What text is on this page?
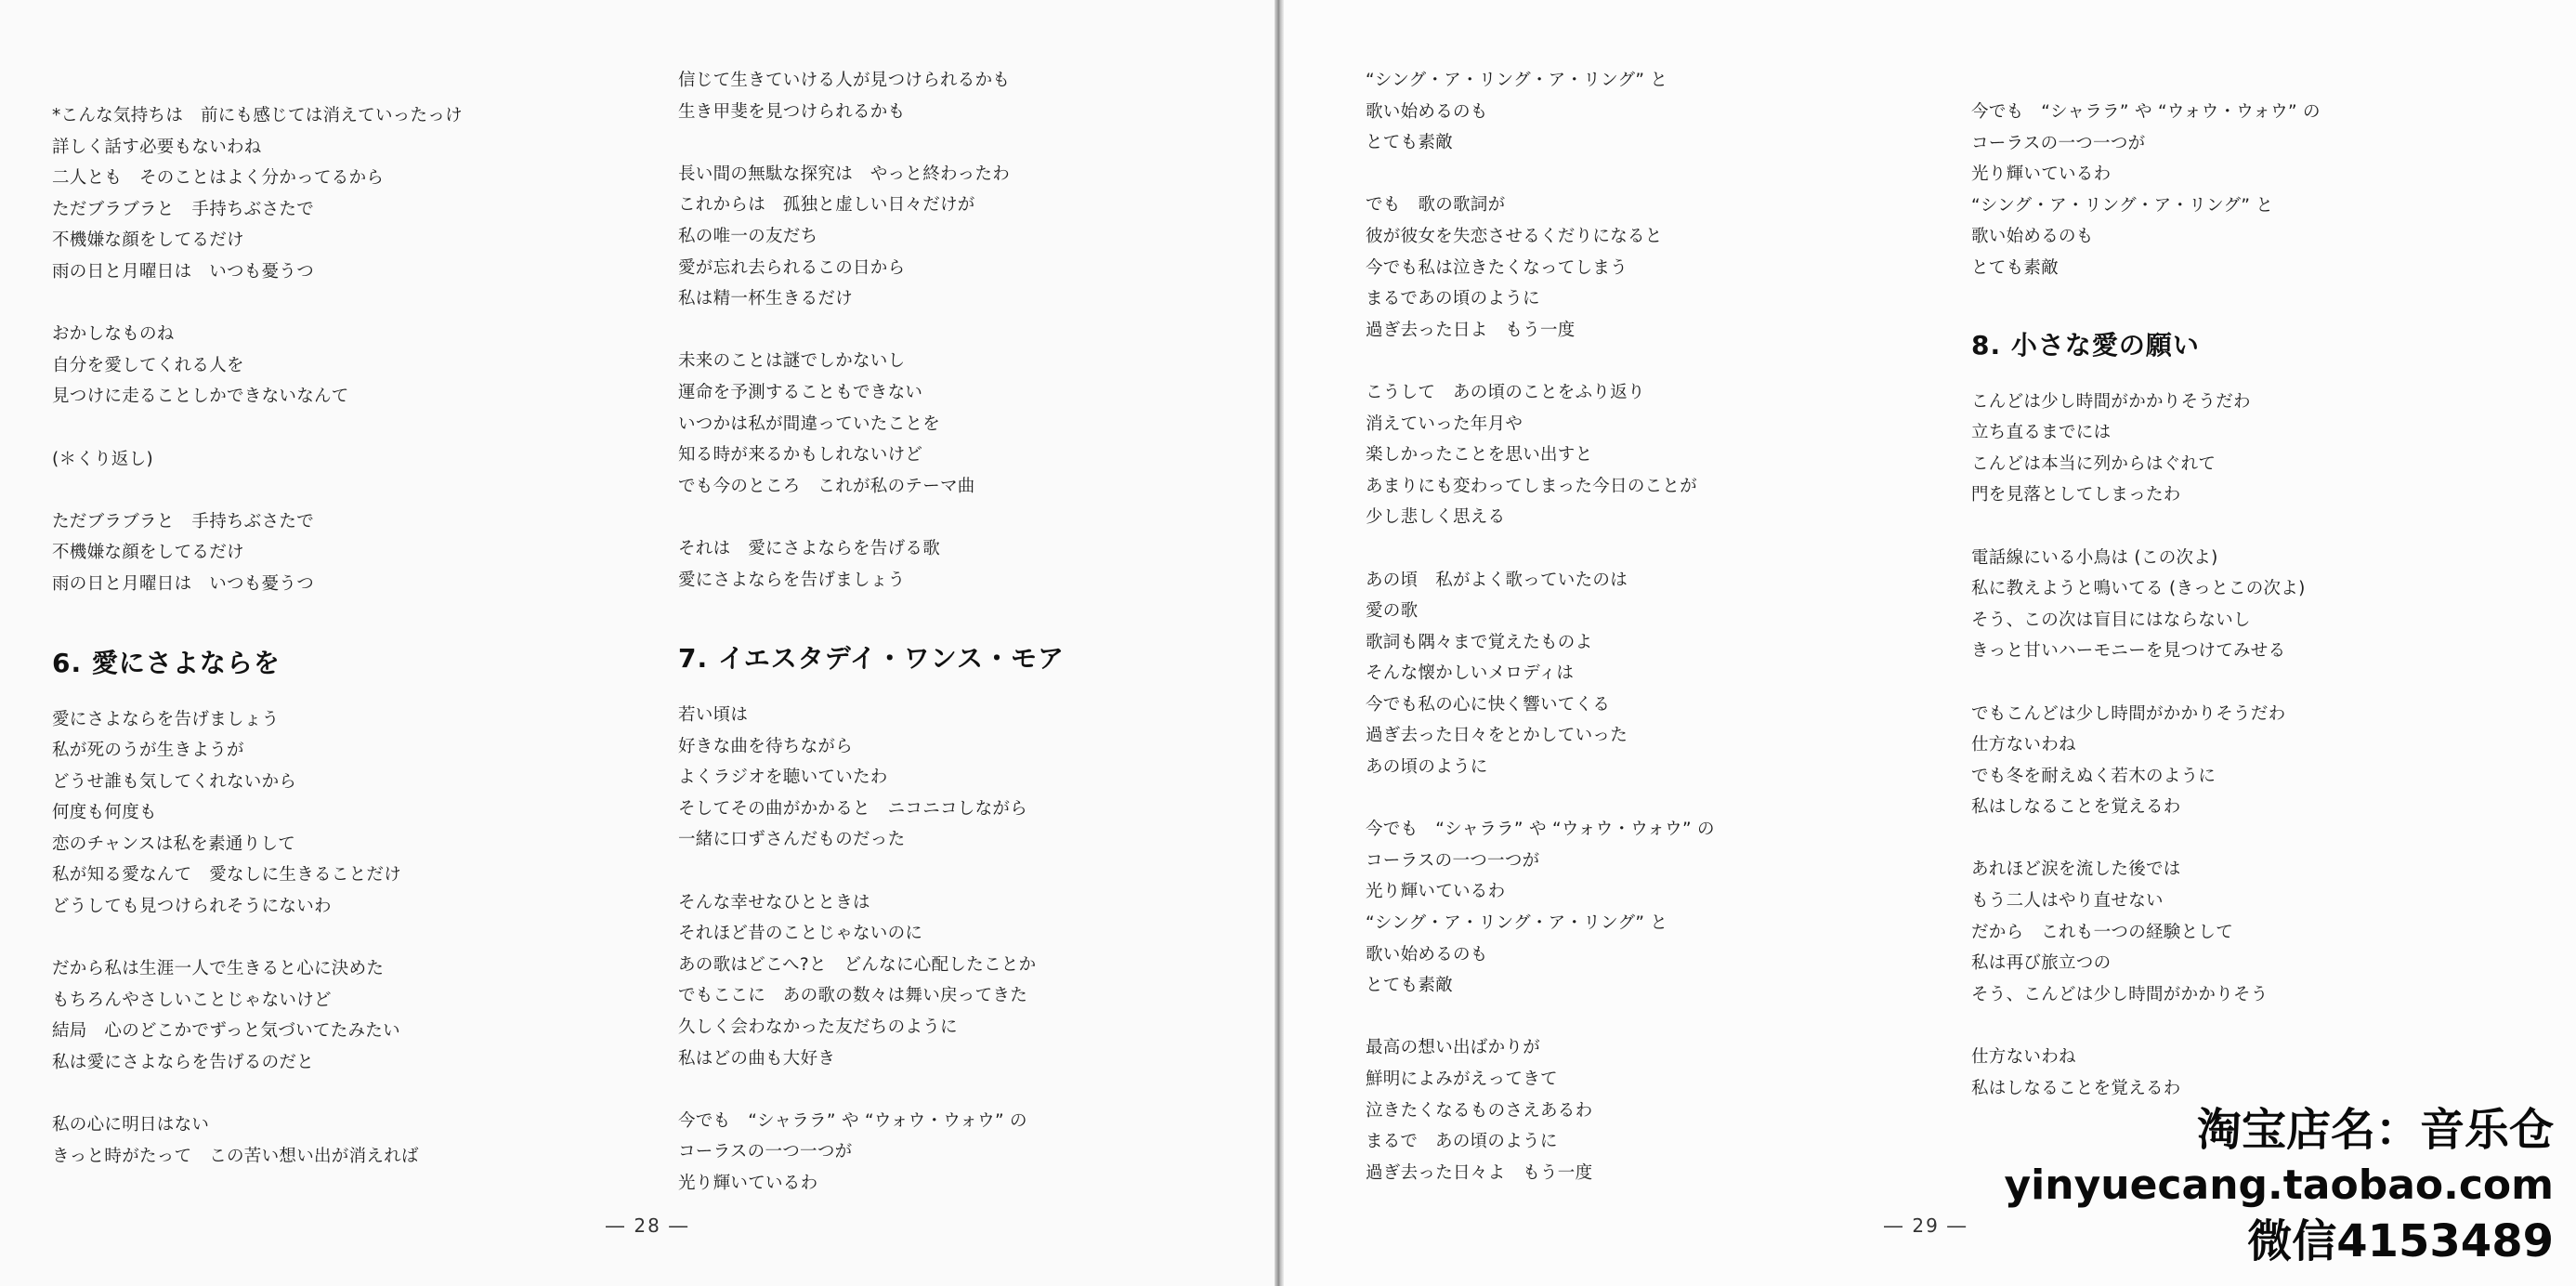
*こんな気持ちは　前にも感じては消えていったっけ
詳しく話す必要もないわね
二人とも　そのことはよく分かってるから
ただブラブラと　手持ちぶさたで
不機嫌な顔をしてるだけ
雨の日と月曜日は　いつも憂うつ
おかしなものね
自分を愛してくれる人を
見つけに走ることしかできないなんて
(＊くり返し)
ただブラブラと　手持ちぶさたで
不機嫌な顔をしてるだけ
雨の日と月曜日は　いつも憂うつ
6. 愛にさよならを
愛にさよならを告げましょう
私が死のうが生きようが
どうせ誰も気してくれないから
何度も何度も
恋のチャンスは私を素通りして
私が知る愛なんて　愛なしに生きることだけ
どうしても見つけられそうにないわ
だから私は生涯一人で生きると心に決めた
もちろんやさしいことじゃないけど
結局　心のどこかでずっと気づいてたみたい
私は愛にさよならを告げるのだと
私の心に明日はない
きっと時がたって　この苦い想い出が消えれば
信じて生きていける人が見つけられるかも
生き甲斐を見つけられるかも
長い間の無駄な探究は　やっと終わったわ
これからは　孤独と虚しい日々だけが
私の唯一の友だち
愛が忘れ去られるこの日から
私は精一杯生きるだけ
未来のことは謎でしかないし
運命を予測することもできない
いつかは私が間違っていたことを
知る時が来るかもしれないけど
でも今のところ　これが私のテーマ曲
それは　愛にさよならを告げる歌
愛にさよならを告げましょう
7. イエスタデイ・ワンス・モア
若い頃は
好きな曲を待ちながら
よくラジオを聴いていたわ
そしてその曲がかかると　ニコニコしながら
一緒に口ずさんだものだった
そんな幸せなひとときは
それほど昔のことじゃないのに
あの歌はどこへ?と　どんなに心配したことか
でもここに　あの歌の数々は舞い戻ってきた
久しく会わなかった友だちのように
私はどの曲も大好き
今でも　“シャララ” や “ウォウ・ウォウ” の
コーラスの一つ一つが
光り輝いているわ
― 28 ―
“シング・ア・リング・ア・リング” と
歌い始めるのも
とても素敵
でも　歌の歌詞が
彼が彼女を失恋させるくだりになると
今でも私は泣きたくなってしまう
まるであの頃のように
過ぎ去った日よ　もう一度
こうして　あの頃のことをふり返り
消えていった年月や
楽しかったことを思い出すと
あまりにも変わってしまった今日のことが
少し悲しく思える
あの頃　私がよく歌っていたのは
愛の歌
歌詞も隅々まで覚えたものよ
そんな懐かしいメロディは
今でも私の心に快く響いてくる
過ぎ去った日々をとかしていった
あの頃のように
今でも　“シャララ” や “ウォウ・ウォウ” の
コーラスの一つ一つが
光り輝いているわ
“シング・ア・リング・ア・リング” と
歌い始めるのも
とても素敵
最高の想い出ばかりが
鮮明によみがえってきて
泣きたくなるものさえあるわ
まるで　あの頃のように
過ぎ去った日々よ　もう一度
今でも　“シャララ” や “ウォウ・ウォウ” の
コーラスの一つ一つが
光り輝いているわ
“シング・ア・リング・ア・リング” と
歌い始めるのも
とても素敵
8. 小さな愛の願い
こんどは少し時間がかかりそうだわ
立ち直るまでには
こんどは本当に列からはぐれて
門を見落としてしまったわ
電話線にいる小鳥は (この次よ)
私に教えようと鳴いてる (きっとこの次よ)
そう、この次は盲目にはならないし
きっと甘いハーモニーを見つけてみせる
でもこんどは少し時間がかかりそうだわ
仕方ないわね
でも冬を耐えぬく若木のように
私はしなることを覚えるわ
あれほど涙を流した後では
もう二人はやり直せない
だから　これも一つの経験として
私は再び旅立つの
そう、こんどは少し時間がかかりそう
仕方ないわね
私はしなることを覚えるわ
― 29 ―
淘宝店名：音乐仓
yinyuecang.taobao.com
微信4153489
